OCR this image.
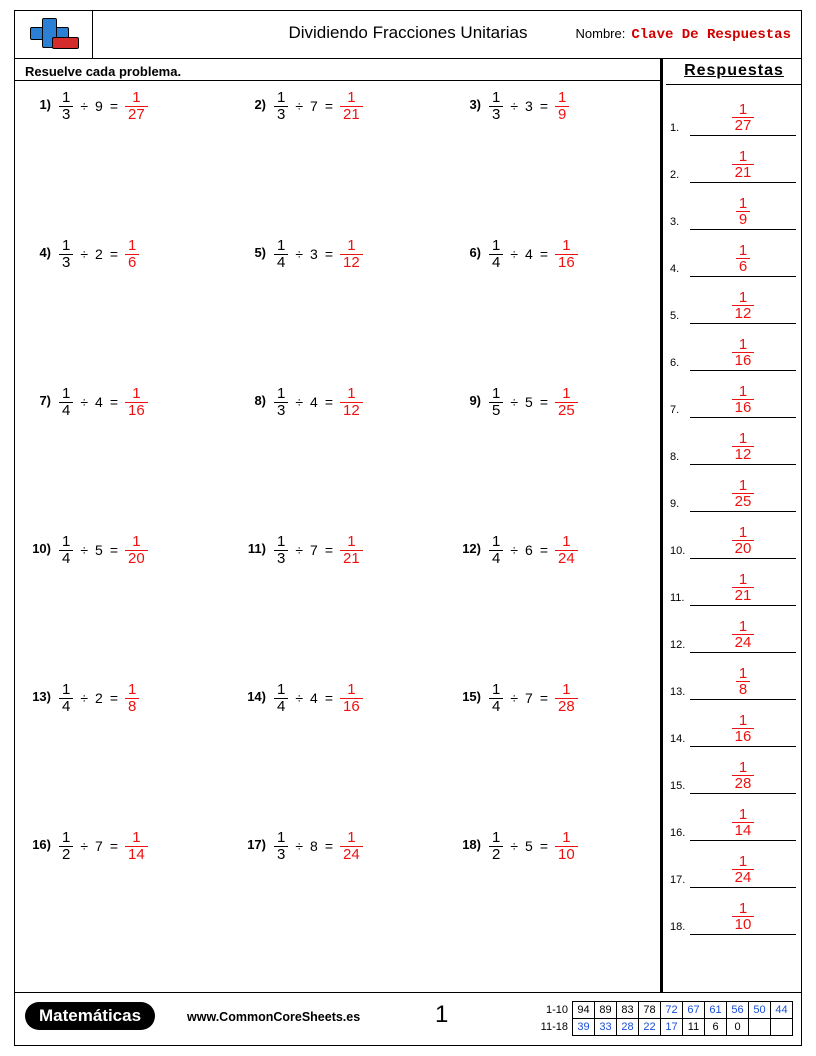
Dividiendo Fracciones Unitarias	Nombre: Clave De Respuestas
Resuelve cada problema.
$1) \frac{1}{3} \div 9 = \frac{1}{27}$	$2) \frac{1}{3} \div 7 = \frac{1}{21}$	$3) \frac{1}{3} \div 3 = \frac{1}{9}$
$4) \frac{1}{3} \div 2 = \frac{1}{6}$	$5) \frac{1}{4} \div 3 = \frac{1}{12}$	$6) \frac{1}{4} \div 4 = \frac{1}{16}$
$7) \frac{1}{4} \div 4 = \frac{1}{16}$	$8) \frac{1}{3} \div 4 = \frac{1}{12}$	$9) \frac{1}{5} \div 5 = \frac{1}{25}$
$10) \frac{1}{4} \div 5 = \frac{1}{20}$	$11) \frac{1}{3} \div 7 = \frac{1}{21}$	$12) \frac{1}{4} \div 6 = \frac{1}{24}$
$13) \frac{1}{4} \div 2 = \frac{1}{8}$	$14) \frac{1}{4} \div 4 = \frac{1}{16}$	$15) \frac{1}{4} \div 7 = \frac{1}{28}$
$16) \frac{1}{2} \div 7 = \frac{1}{14}$	$17) \frac{1}{3} \div 8 = \frac{1}{24}$	$18) \frac{1}{2} \div 5 = \frac{1}{10}$
Respuestas
1.	$\frac{1}{27}$
2.	$\frac{1}{21}$
3.	$\frac{1}{9}$
4.	$\frac{1}{6}$
5.	$\frac{1}{12}$
6.	$\frac{1}{16}$
7.	$\frac{1}{16}$
8.	$\frac{1}{12}$
9.	$\frac{1}{25}$
10.	$\frac{1}{20}$
11.	$\frac{1}{21}$
12.	$\frac{1}{24}$
13.	$\frac{1}{8}$
14.	$\frac{1}{16}$
15.	$\frac{1}{28}$
16.	$\frac{1}{14}$
17.	$\frac{1}{24}$
18.	$\frac{1}{10}$
Matemáticas	www.CommonCoreSheets.es	1	1-10	94	89	83	78	72	67	61	56	50	44
11-18	39	33	28	22	17	11	6	0		
